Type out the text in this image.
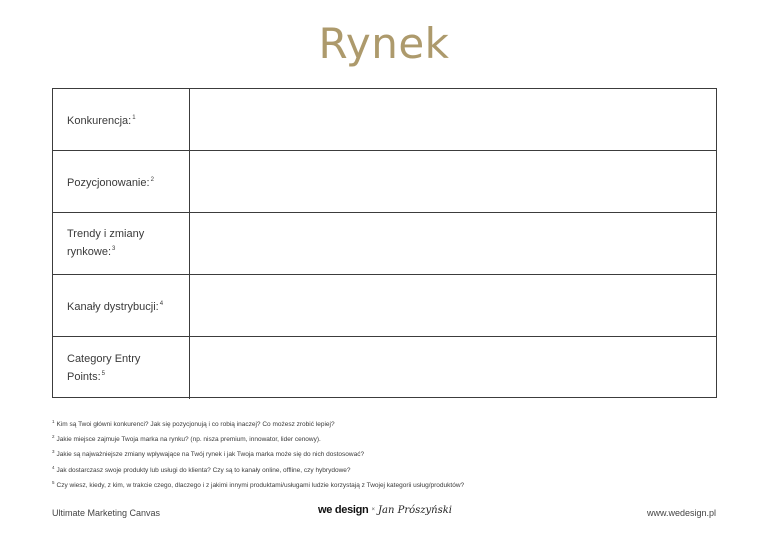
Rynek
Konkurencja:$^1$
Pozycjonowanie:$^2$
Trendy i zmiany rynkowe:$^3$
Kanały dystrybucji:$^4$
Category Entry Points:$^5$
$^1$ Kim są Twoi główni konkurenci? Jak się pozycjonują i co robią inaczej? Co możesz zrobić lepiej?
$^2$ Jakie miejsce zajmuje Twoja marka na rynku? (np. nisza premium, innowator, lider cenowy).
$^3$ Jakie są najważniejsze zmiany wpływające na Twój rynek i jak Twoja marka może się do nich dostosować?
$^4$ Jak dostarczasz swoje produkty lub usługi do klienta? Czy są to kanały online, offline, czy hybrydowe?
$^5$ Czy wiesz, kiedy, z kim, w trakcie czego, dlaczego i z jakimi innymi produktami/usługami ludzie korzystają z Twojej kategorii usług/produktów?
Ultimate Marketing Canvas	we design × Jan Prószyński	www.wedesign.pl
